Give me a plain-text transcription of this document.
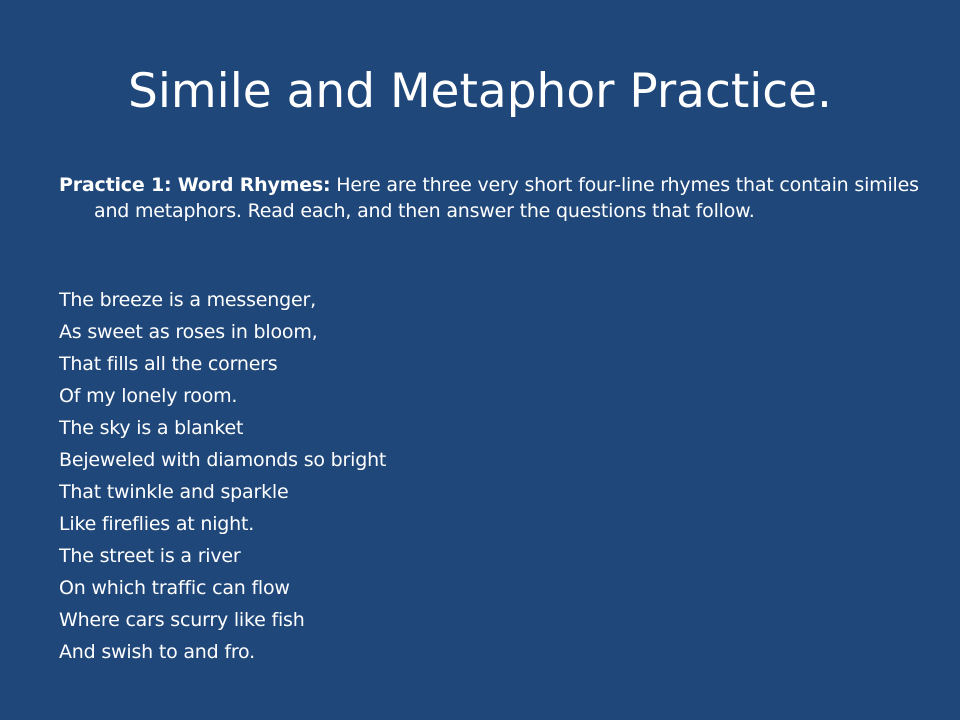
Simile and Metaphor Practice.

Practice 1: Word Rhymes: Here are three very short four-line rhymes that contain similes and metaphors. Read each, and then answer the questions that follow.

The breeze is a messenger,
As sweet as roses in bloom,
That fills all the corners
Of my lonely room.
The sky is a blanket
Bejeweled with diamonds so bright
That twinkle and sparkle
Like fireflies at night.
The street is a river
On which traffic can flow
Where cars scurry like fish
And swish to and fro.
